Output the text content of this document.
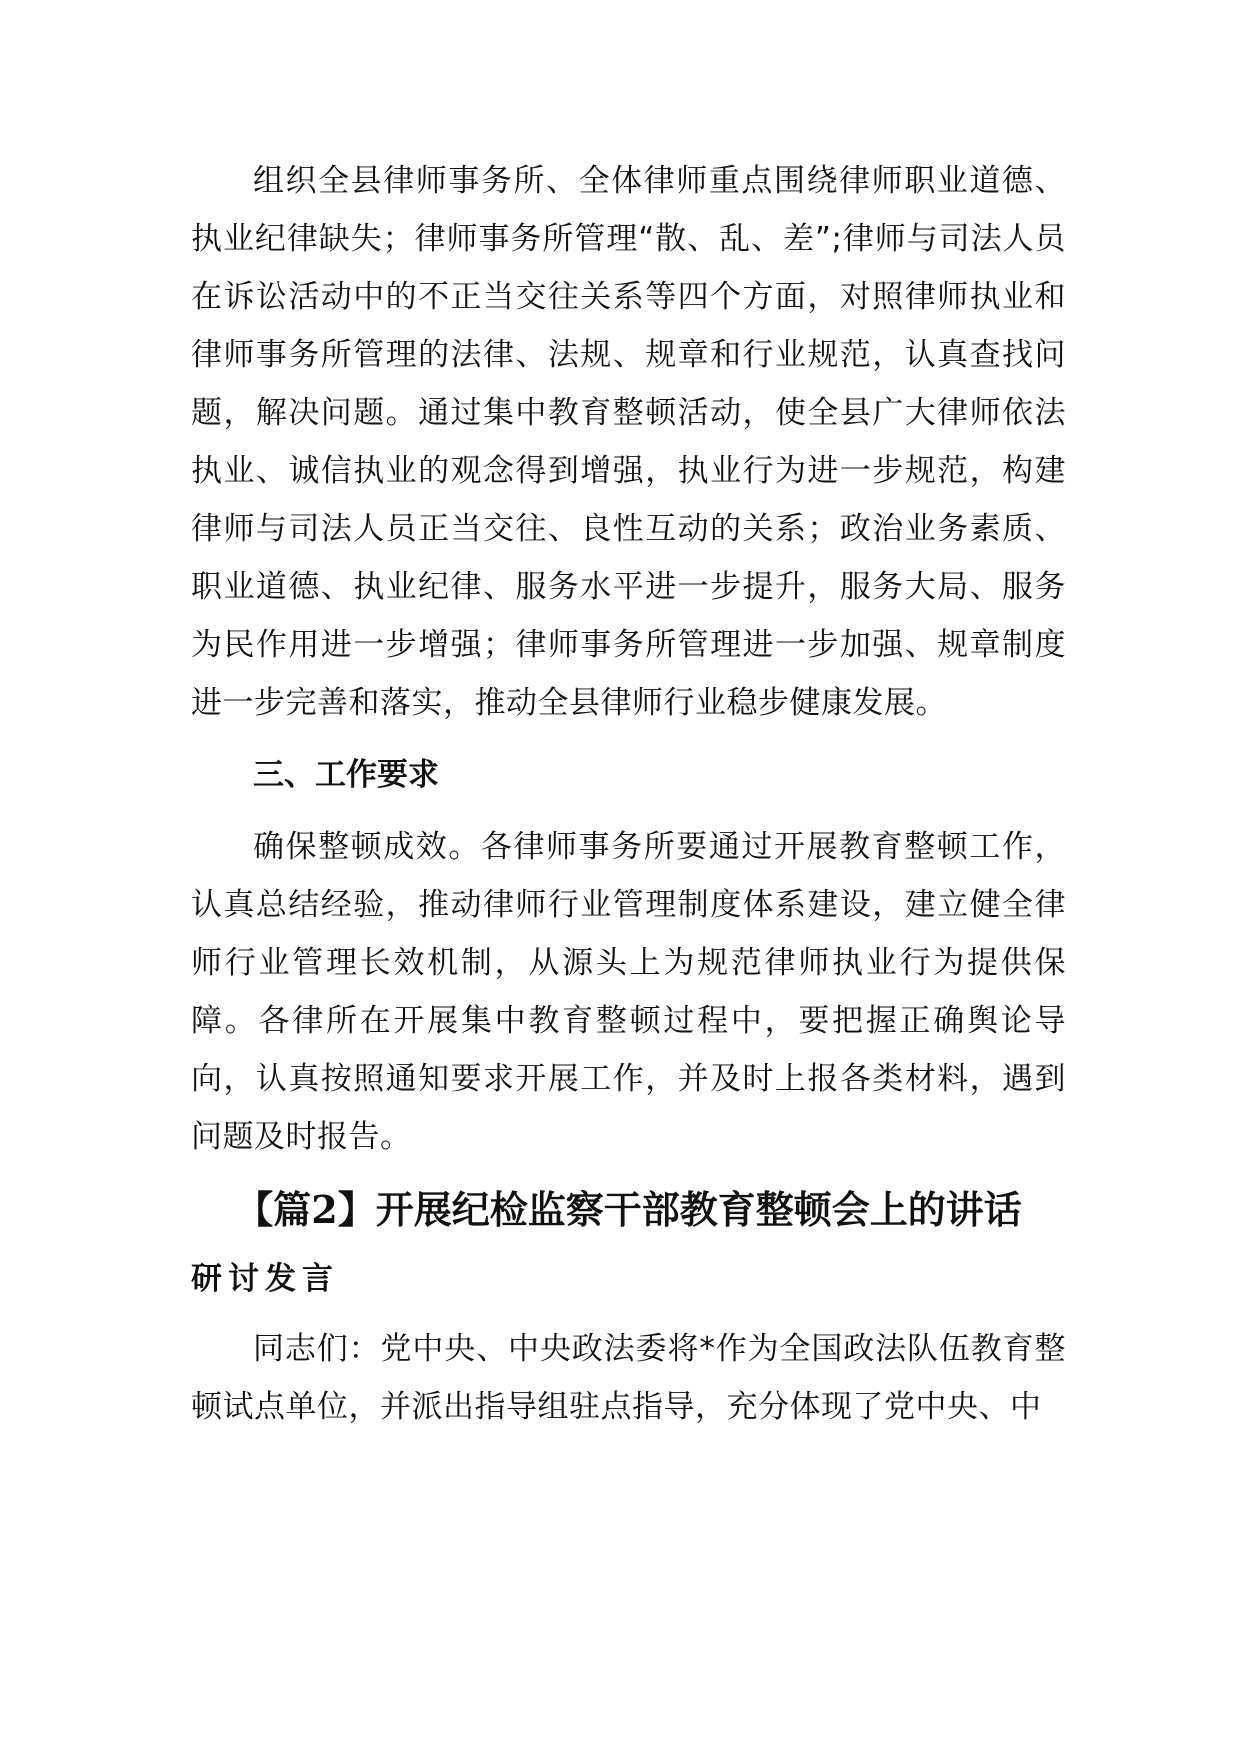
组织全县律师事务所、全体律师重点围绕律师职业道德、执业纪律缺失；律师事务所管理“散、乱、差”;律师与司法人员在诉讼活动中的不正当交往关系等四个方面，对照律师执业和律师事务所管理的法律、法规、规章和行业规范，认真查找问题，解决问题。通过集中教育整顿活动，使全县广大律师依法执业、诚信执业的观念得到增强，执业行为进一步规范，构建律师与司法人员正当交往、良性互动的关系；政治业务素质、职业道德、执业纪律、服务水平进一步提升，服务大局、服务为民作用进一步增强；律师事务所管理进一步加强、规章制度进一步完善和落实，推动全县律师行业稳步健康发展。

三、工作要求

确保整顿成效。各律师事务所要通过开展教育整顿工作，认真总结经验，推动律师行业管理制度体系建设，建立健全律师行业管理长效机制，从源头上为规范律师执业行为提供保障。各律所在开展集中教育整顿过程中，要把握正确舆论导向，认真按照通知要求开展工作，并及时上报各类材料，遇到问题及时报告。

【篇2】开展纪检监察干部教育整顿会上的讲话
研讨发言

同志们：党中央、中央政法委将*作为全国政法队伍教育整顿试点单位，并派出指导组驻点指导，充分体现了党中央、中
